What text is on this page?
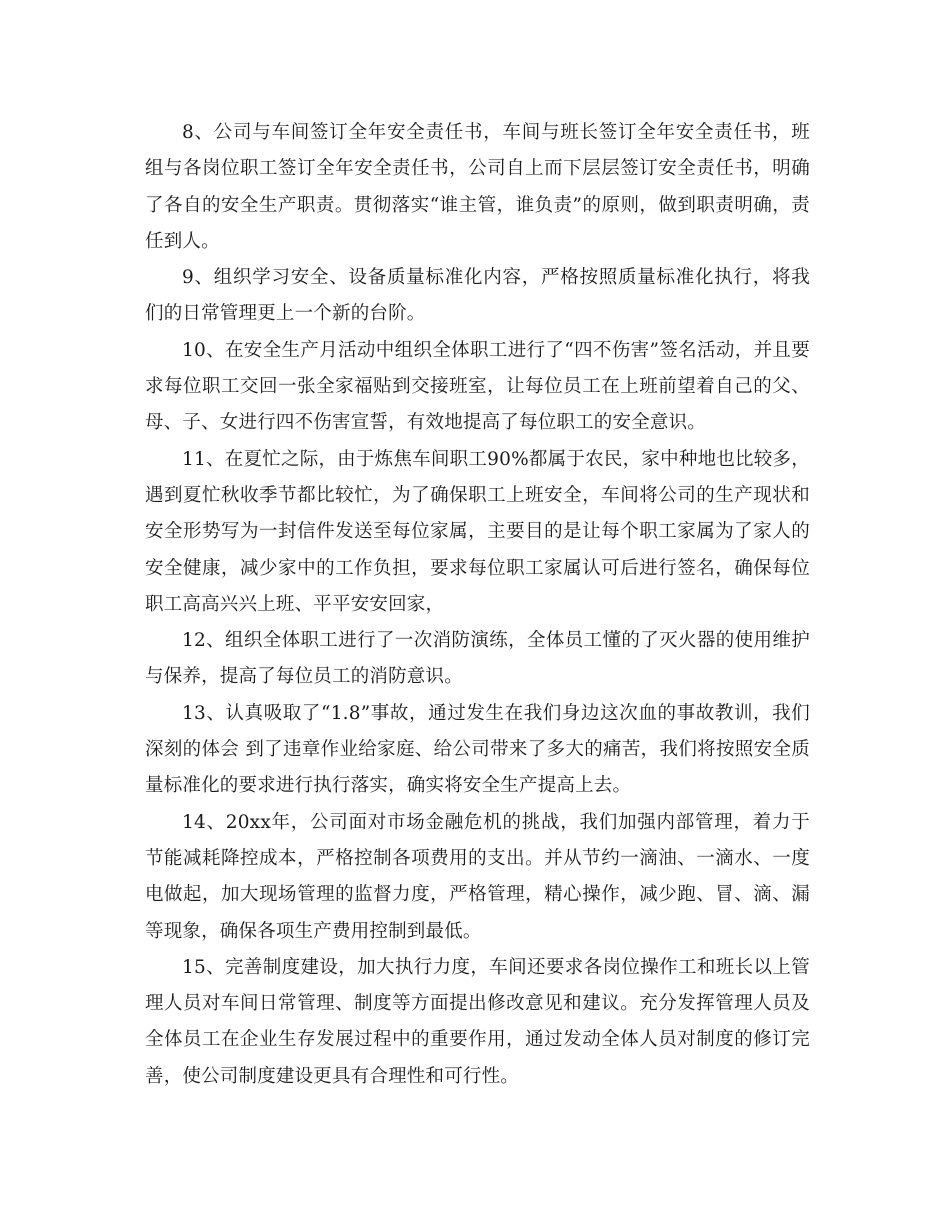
8、公司与车间签订全年安全责任书，车间与班长签订全年安全责任书，班组与各岗位职工签订全年安全责任书，公司自上而下层层签订安全责任书，明确了各自的安全生产职责。贯彻落实“谁主管，谁负责”的原则，做到职责明确，责任到人。

9、组织学习安全、设备质量标准化内容，严格按照质量标准化执行，将我们的日常管理更上一个新的台阶。

10、在安全生产月活动中组织全体职工进行了“四不伤害”签名活动，并且要求每位职工交回一张全家福贴到交接班室，让每位员工在上班前望着自己的父、母、子、女进行四不伤害宣誓，有效地提高了每位职工的安全意识。

11、在夏忙之际，由于炼焦车间职工90%都属于农民，家中种地也比较多，遇到夏忙秋收季节都比较忙，为了确保职工上班安全，车间将公司的生产现状和安全形势写为一封信件发送至每位家属，主要目的是让每个职工家属为了家人的安全健康，减少家中的工作负担，要求每位职工家属认可后进行签名，确保每位职工高高兴兴上班、平平安安回家，

12、组织全体职工进行了一次消防演练，全体员工懂的了灭火器的使用维护与保养，提高了每位员工的消防意识。

13、认真吸取了“1.8”事故，通过发生在我们身边这次血的事故教训，我们深刻的体会 到了违章作业给家庭、给公司带来了多大的痛苦，我们将按照安全质量标准化的要求进行执行落实，确实将安全生产提高上去。

14、20xx年，公司面对市场金融危机的挑战，我们加强内部管理，着力于节能减耗降控成本，严格控制各项费用的支出。并从节约一滴油、一滴水、一度电做起，加大现场管理的监督力度，严格管理，精心操作，减少跑、冒、滴、漏等现象，确保各项生产费用控制到最低。

15、完善制度建设，加大执行力度，车间还要求各岗位操作工和班长以上管理人员对车间日常管理、制度等方面提出修改意见和建议。充分发挥管理人员及全体员工在企业生存发展过程中的重要作用，通过发动全体人员对制度的修订完善，使公司制度建设更具有合理性和可行性。
